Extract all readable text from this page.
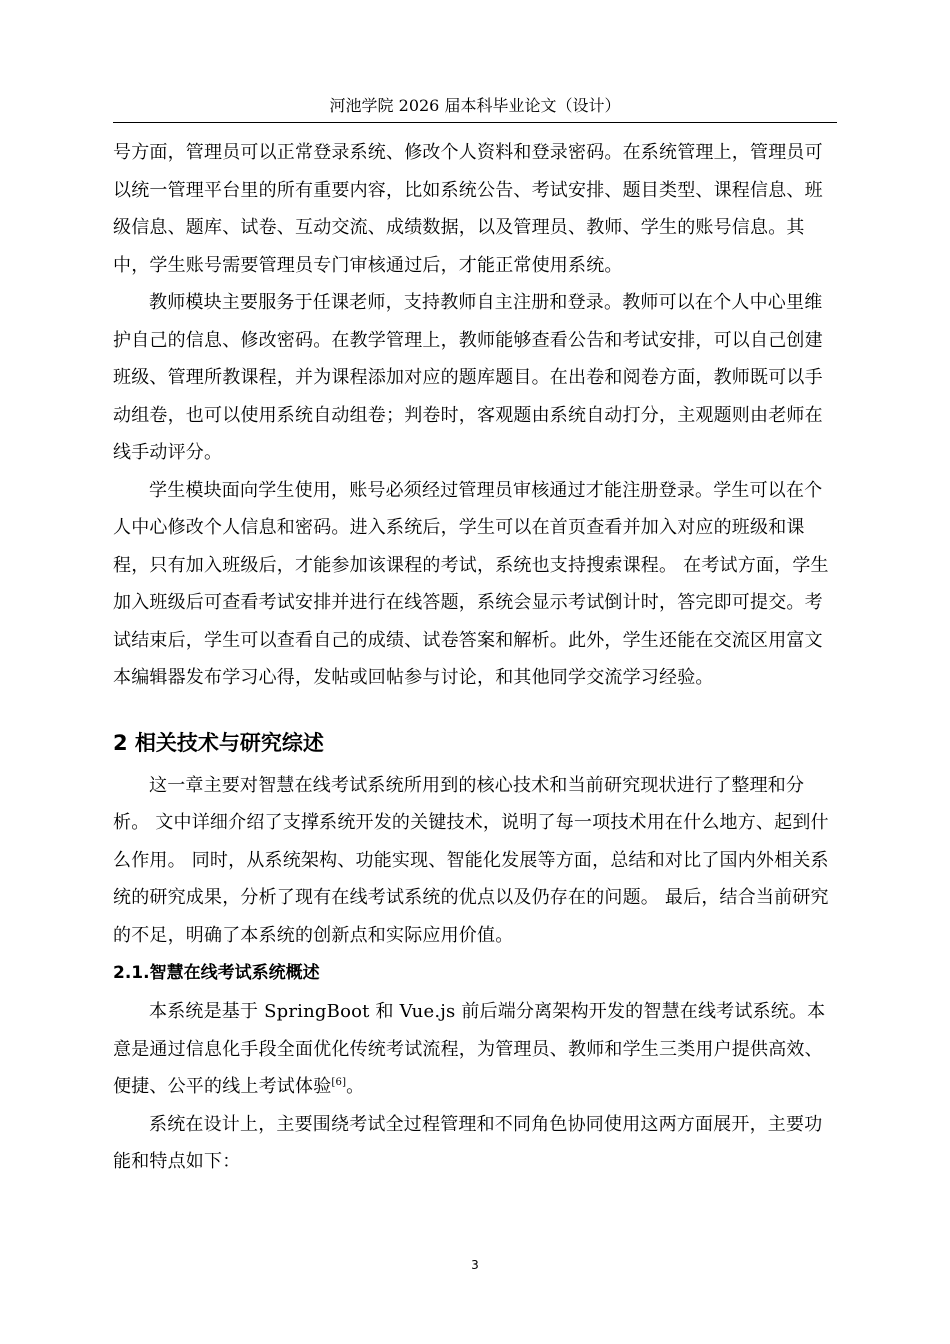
河池学院 2026 届本科毕业论文（设计）

号方面，管理员可以正常登录系统、修改个人资料和登录密码。在系统管理上，管理员可以统一管理平台里的所有重要内容，比如系统公告、考试安排、题目类型、课程信息、班级信息、题库、试卷、互动交流、成绩数据，以及管理员、教师、学生的账号信息。其中，学生账号需要管理员专门审核通过后，才能正常使用系统。

教师模块主要服务于任课老师，支持教师自主注册和登录。教师可以在个人中心里维护自己的信息、修改密码。在教学管理上，教师能够查看公告和考试安排，可以自己创建班级、管理所教课程，并为课程添加对应的题库题目。在出卷和阅卷方面，教师既可以手动组卷，也可以使用系统自动组卷；判卷时，客观题由系统自动打分，主观题则由老师在线手动评分。

学生模块面向学生使用，账号必须经过管理员审核通过才能注册登录。学生可以在个人中心修改个人信息和密码。进入系统后，学生可以在首页查看并加入对应的班级和课程，只有加入班级后，才能参加该课程的考试，系统也支持搜索课程。 在考试方面，学生加入班级后可查看考试安排并进行在线答题，系统会显示考试倒计时，答完即可提交。考试结束后，学生可以查看自己的成绩、试卷答案和解析。此外，学生还能在交流区用富文本编辑器发布学习心得，发帖或回帖参与讨论，和其他同学交流学习经验。

2 相关技术与研究综述

这一章主要对智慧在线考试系统所用到的核心技术和当前研究现状进行了整理和分析。 文中详细介绍了支撑系统开发的关键技术，说明了每一项技术用在什么地方、起到什么作用。 同时，从系统架构、功能实现、智能化发展等方面，总结和对比了国内外相关系统的研究成果，分析了现有在线考试系统的优点以及仍存在的问题。 最后，结合当前研究的不足，明确了本系统的创新点和实际应用价值。

2.1.智慧在线考试系统概述

本系统是基于 SpringBoot 和 Vue.js 前后端分离架构开发的智慧在线考试系统。本意是通过信息化手段全面优化传统考试流程，为管理员、教师和学生三类用户提供高效、便捷、公平的线上考试体验[6]。

系统在设计上，主要围绕考试全过程管理和不同角色协同使用这两方面展开，主要功能和特点如下：

3
